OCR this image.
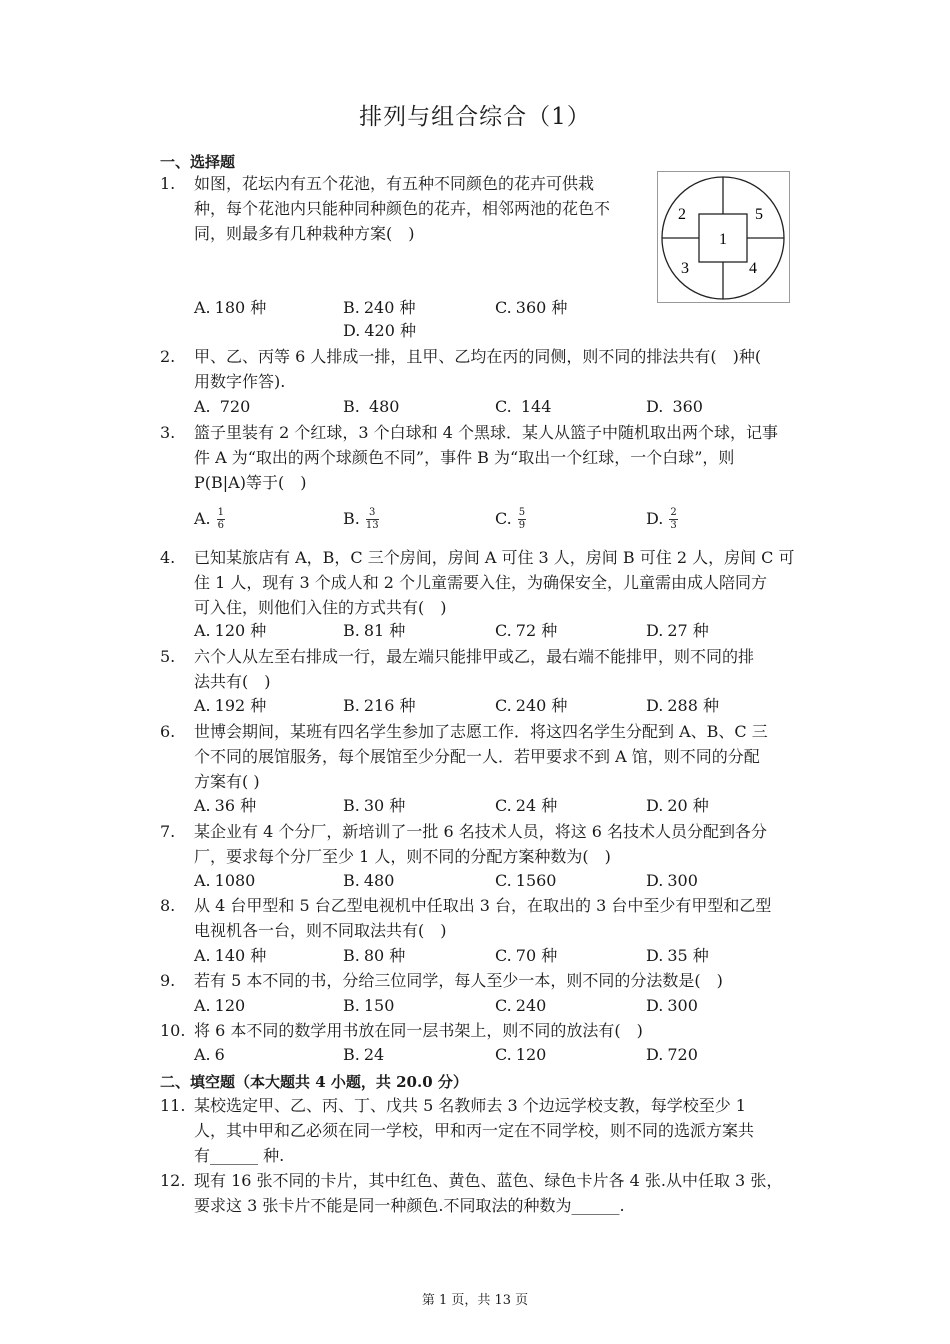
排列与组合综合（1）
一、选择题
1
2
3	4
5
1.	如图，花坛内有五个花池，有五种不同颜色的花卉可供栽
种，每个花池内只能种同种颜色的花卉，相邻两池的花色不
同，则最多有几种栽种方案(　)
A. 180 种	B. 240 种	C. 360 种
D. 420 种
2.	甲、乙、丙等 6 人排成一排，且甲、乙均在丙的同侧，则不同的排法共有(　)种(
用数字作答).
A. 720	B. 480	C. 144	D. 360
3.	篮子里装有 2 个红球，3 个白球和 4 个黑球．某人从篮子中随机取出两个球，记事
件 A 为“取出的两个球颜色不同”，事件 B 为“取出一个红球，一个白球”，则
P(B|A)等于(　)
A. $\frac{1}{6}$	B. $\frac{3}{13}$	C. $\frac{5}{9}$	D. $\frac{2}{3}$
4.	已知某旅店有 A，B，C 三个房间，房间 A 可住 3 人，房间 B 可住 2 人，房间 C 可
住 1 人，现有 3 个成人和 2 个儿童需要入住，为确保安全，儿童需由成人陪同方
可入住，则他们入住的方式共有(　)
A. 120 种	B. 81 种	C. 72 种	D. 27 种
5.	六个人从左至右排成一行，最左端只能排甲或乙，最右端不能排甲，则不同的排
法共有(　)
A. 192 种	B. 216 种	C. 240 种	D. 288 种
6.	世博会期间，某班有四名学生参加了志愿工作．将这四名学生分配到 A、B、C 三
个不同的展馆服务，每个展馆至少分配一人．若甲要求不到 A 馆，则不同的分配
方案有( )
A. 36 种	B. 30 种	C. 24 种	D. 20 种
7.	某企业有 4 个分厂，新培训了一批 6 名技术人员，将这 6 名技术人员分配到各分
厂，要求每个分厂至少 1 人，则不同的分配方案种数为(　)
A. 1080	B. 480	C. 1560	D. 300
8.	从 4 台甲型和 5 台乙型电视机中任取出 3 台，在取出的 3 台中至少有甲型和乙型
电视机各一台，则不同取法共有(　)
A. 140 种	B. 80 种	C. 70 种	D. 35 种
9.	若有 5 本不同的书，分给三位同学，每人至少一本，则不同的分法数是(　)
A. 120	B. 150	C. 240	D. 300
10. 将 6 本不同的数学用书放在同一层书架上，则不同的放法有(　)
A. 6	B. 24	C. 120	D. 720
二、填空题（本大题共 4 小题，共 20.0 分）
11. 某校选定甲、乙、丙、丁、戊共 5 名教师去 3 个边远学校支教，每学校至少 1
人，其中甲和乙必须在同一学校，甲和丙一定在不同学校，则不同的选派方案共
有______ 种.
12. 现有 16 张不同的卡片，其中红色、黄色、蓝色、绿色卡片各 4 张.从中任取 3 张，
要求这 3 张卡片不能是同一种颜色.不同取法的种数为______.
第 1 页，共 13 页
